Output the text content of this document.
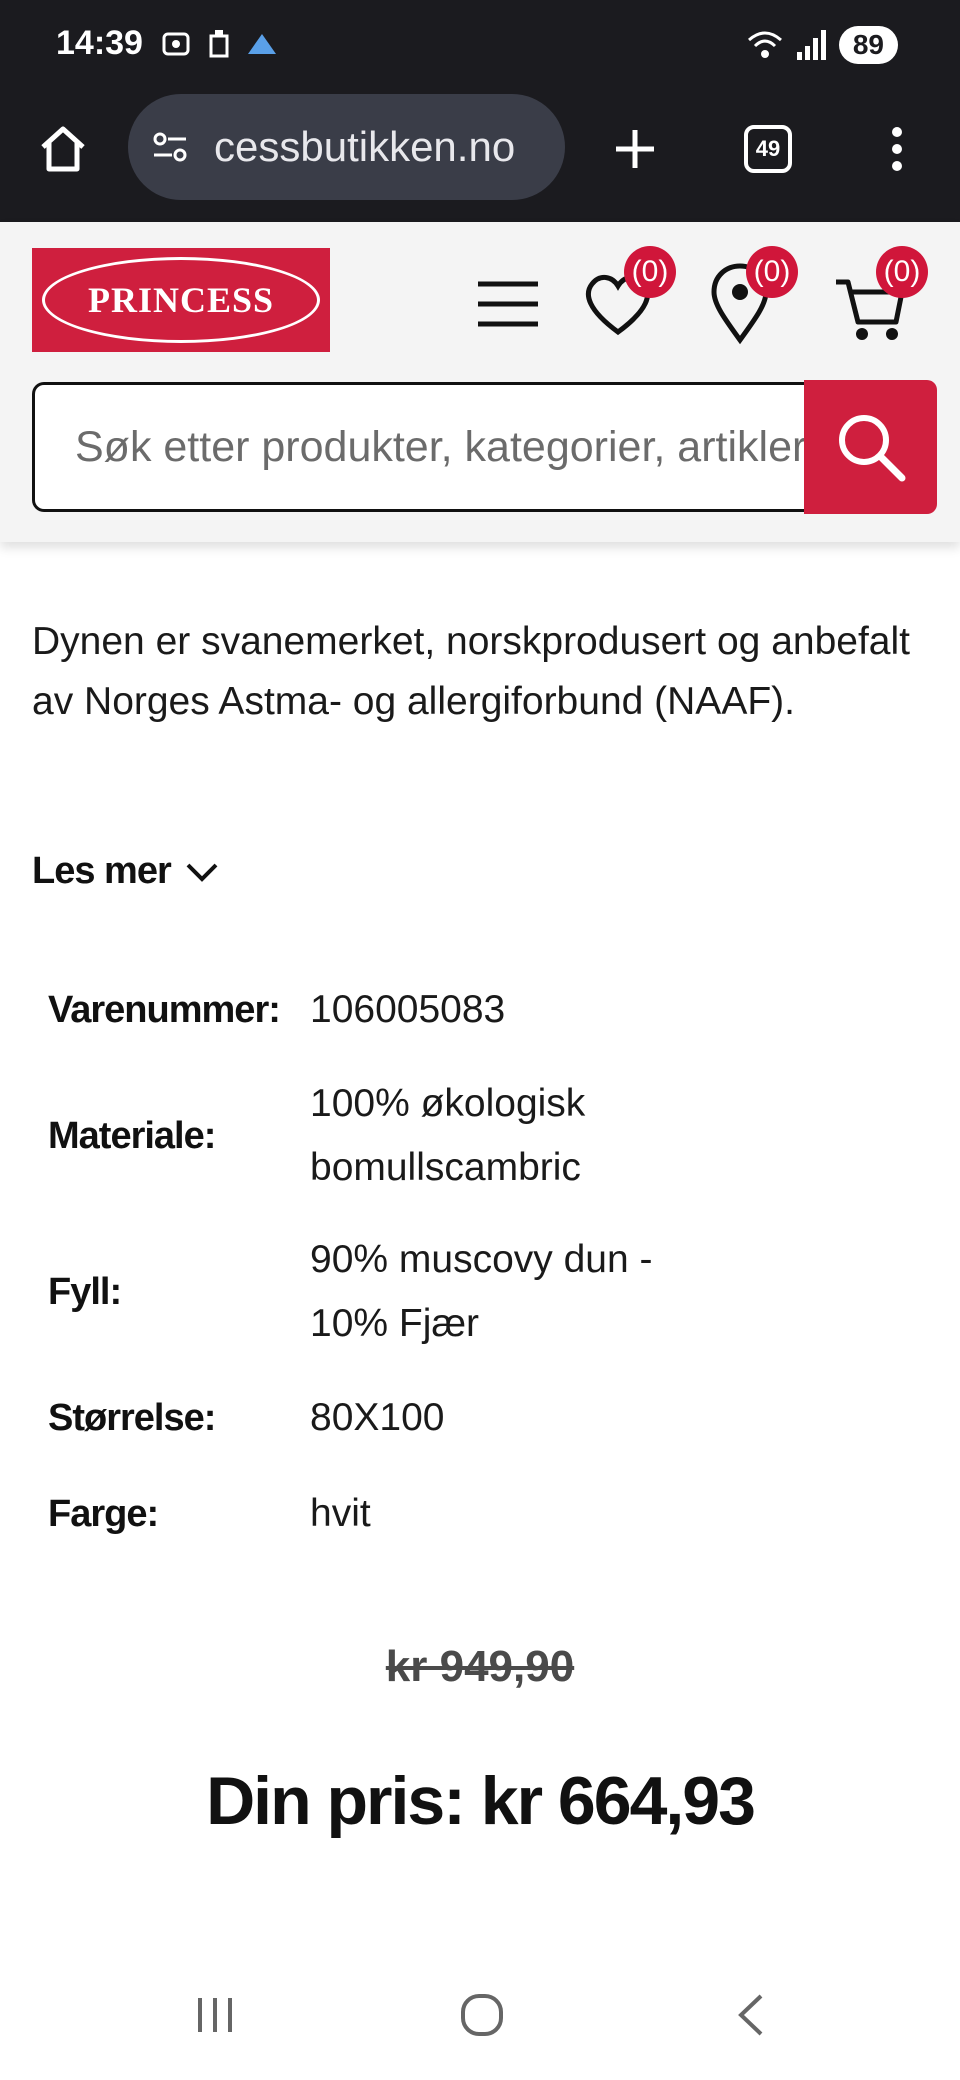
14:39	89
cessbutikken.no	49
PRINCESS
(0)	(0)	(0)
Søk etter produkter, kategorier, artikler
Dynen er svanemerket, norskprodusert og anbefalt av Norges Astma- og allergiforbund (NAAF).
Les mer
Varenummer: 106005083
Materiale:
100% økologisk bomullscambric
Fyll:
90% muscovy dun - 10% Fjær
Størrelse:	80X100
Farge:	hvit
kr 949,90
Din pris: kr 664,93
